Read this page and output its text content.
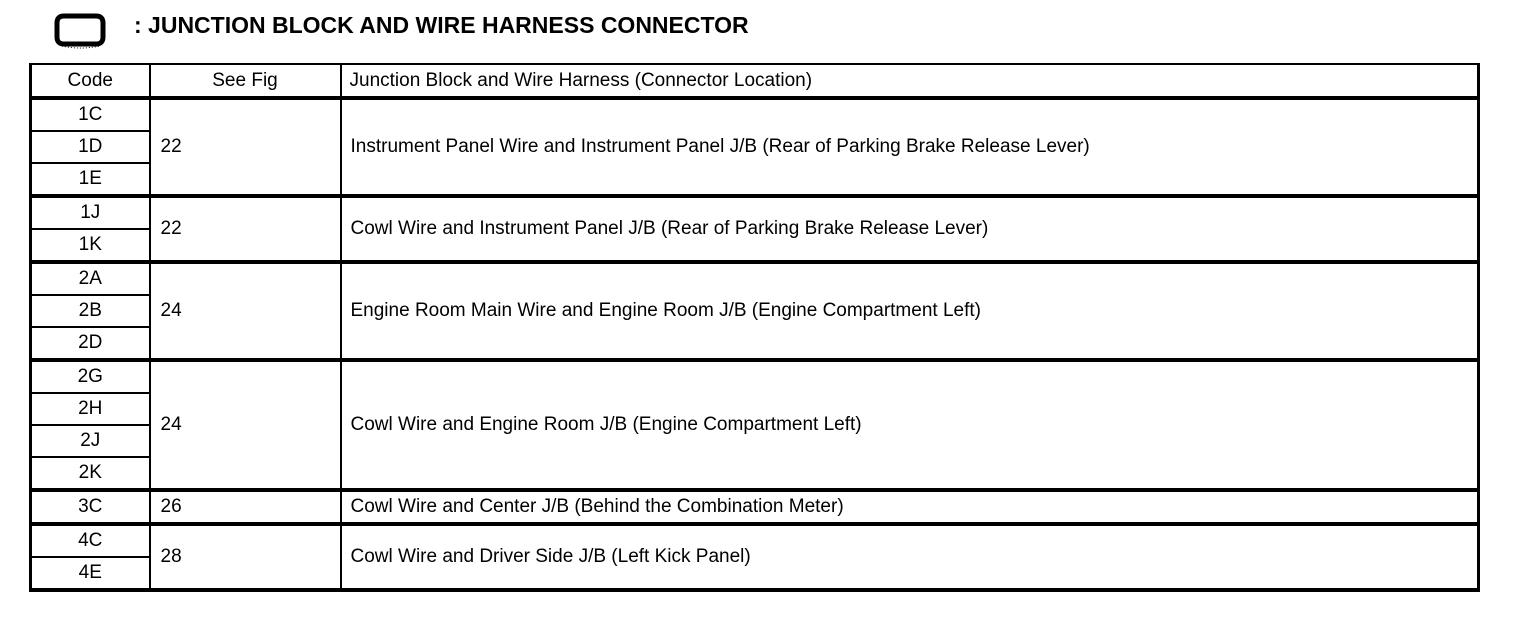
: JUNCTION BLOCK AND WIRE HARNESS CONNECTOR
Code	See Fig	Junction Block and Wire Harness (Connector Location)
1C	22	Instrument Panel Wire and Instrument Panel J/B (Rear of Parking Brake Release Lever)
1D		
1E		
1J	22	Cowl Wire and Instrument Panel J/B (Rear of Parking Brake Release Lever)
1K		
2A	24	Engine Room Main Wire and Engine Room J/B (Engine Compartment Left)
2B		
2D		
2G	24	Cowl Wire and Engine Room J/B (Engine Compartment Left)
2H		
2J		
2K		
3C	26	Cowl Wire and Center J/B (Behind the Combination Meter)
4C	28	Cowl Wire and Driver Side J/B (Left Kick Panel)
4E		
